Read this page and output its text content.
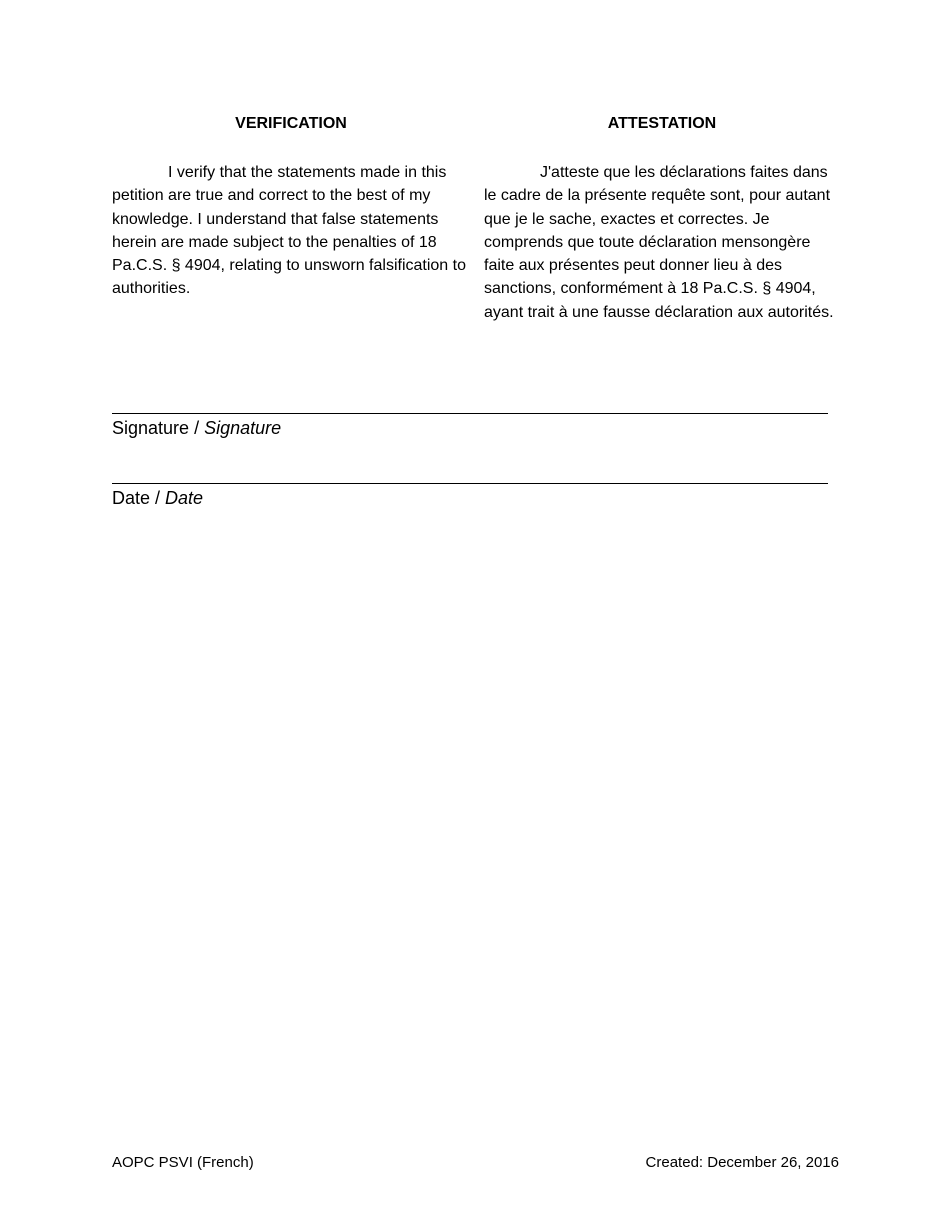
VERIFICATION

I verify that the statements made in this petition are true and correct to the best of my knowledge. I understand that false statements herein are made subject to the penalties of 18 Pa.C.S. § 4904, relating to unsworn falsification to authorities.

ATTESTATION

J'atteste que les déclarations faites dans le cadre de la présente requête sont, pour autant que je le sache, exactes et correctes. Je comprends que toute déclaration mensongère faite aux présentes peut donner lieu à des sanctions, conformément à 18 Pa.C.S. § 4904, ayant trait à une fausse déclaration aux autorités.

Signature / Signature
Date / Date
AOPC PSVI (French)	Created: December 26, 2016
